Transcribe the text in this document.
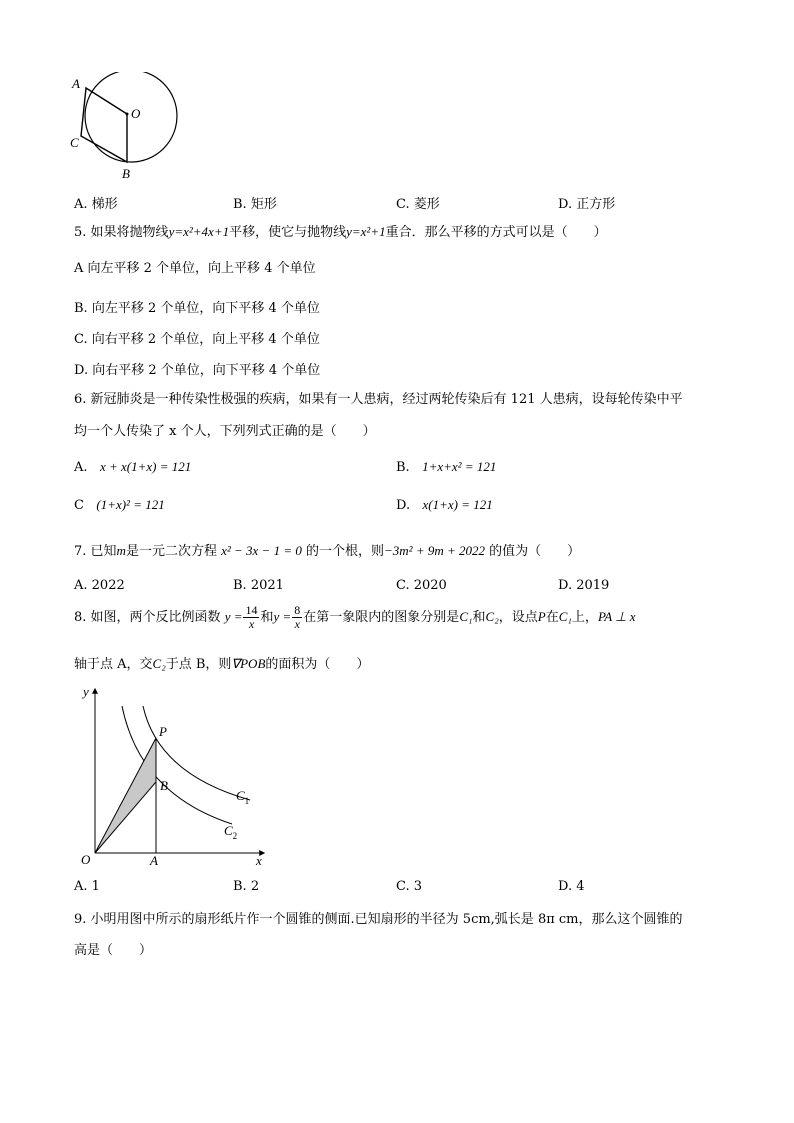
A
O
C
B
A. 梯形	B. 矩形	C. 菱形	D. 正方形
5. 如果将抛物线y=x²+4x+1平移，使它与抛物线y=x²+1重合．那么平移的方式可以是（　　）
A 向左平移 2 个单位，向上平移 4 个单位
B. 向左平移 2 个单位，向下平移 4 个单位
C. 向右平移 2 个单位，向上平移 4 个单位
D. 向右平移 2 个单位，向下平移 4 个单位
6. 新冠肺炎是一种传染性极强的疾病，如果有一人患病，经过两轮传染后有 121 人患病，设每轮传染中平
均一个人传染了 x 个人，下列列式正确的是（　　）
A. x + x(1+x) = 121	B. 1+x+x² = 121
C (1+x)² = 121	D. x(1+x) = 121
7. 已知m是一元二次方程 x² − 3x − 1 = 0 的一个根，则−3m² + 9m + 2022 的值为（　　）
A. 2022	B. 2021	C. 2020	D. 2019
8. 如图，两个反比例函数 $y = \frac{14}{x}$ 和$y = \frac{8}{x}$ 在第一象限内的图象分别是C₁和C₂，设点P在C₁上，PA ⊥ x
轴于点 A，交C₂于点 B，则∇POB的面积为（　　）
y
x
O	A
P
B
$C_1$
$C_2$
A. 1	B. 2	C. 3	D. 4
9. 小明用图中所示的扇形纸片作一个圆锥的侧面.已知扇形的半径为 5cm,弧长是 8π cm，那么这个圆锥的
高是（　　）
